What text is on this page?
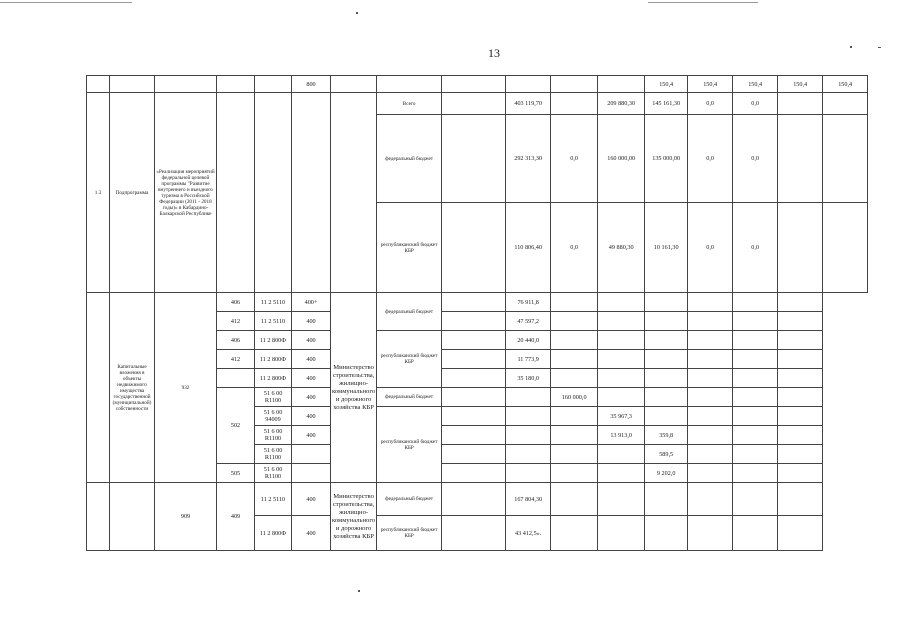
13
					800							150,4	150,4	150,4	150,4	150,4
1.3	Подпрограмма	«Реализация мероприятий федеральной целевой программы "Развитие внутреннего и въездного туризма в Российской Федерации (2011 - 2018 годы)» в Кабардино-Балкарской Республике					Всего		403 119,70		209 880,30	145 161,30	0,0	0,0		
							федеральный бюджет		292 313,30	0,0	160 000,00	135 000,00	0,0	0,0		
							республиканский бюджет КБР		110 806,40	0,0	49 880,30	10 161,30	0,0	0,0		
	Капитальные вложения в объекты недвижимого имущества государственной (муниципальной) собственности	932	406	11 2 5110	400+	Министерство строительства, жилищно-коммунального и дорожного хозяйства КБР	федеральный бюджет		76 911,8							
			412	11 2 5110	400				47 597,2							
			406	11 2 800Ф	400		республиканский бюджет КБР		20 440,0							
			412	11 2 800Ф	400				11 773,9							
				11 2 800Ф	400				35 180,0							
			502	51 6 00 R1100	400		федеральный бюджет			160 000,0						
				51 6 00 94009	400		республиканский бюджет КБР				35 967,3					
				51 6 00 R1100	400						13 913,0	359,8				
				51 6 00 R1100								589,5				
			505	51 6 00 R1100								9 202,0				
		909	409	11 2 5110	400	Министерство строительства, жилищно-коммунального и дорожного хозяйства КБР	федеральный бюджет		167 804,30							
				11 2 800Ф	400		республиканский бюджет КБР		43 412,5».							
